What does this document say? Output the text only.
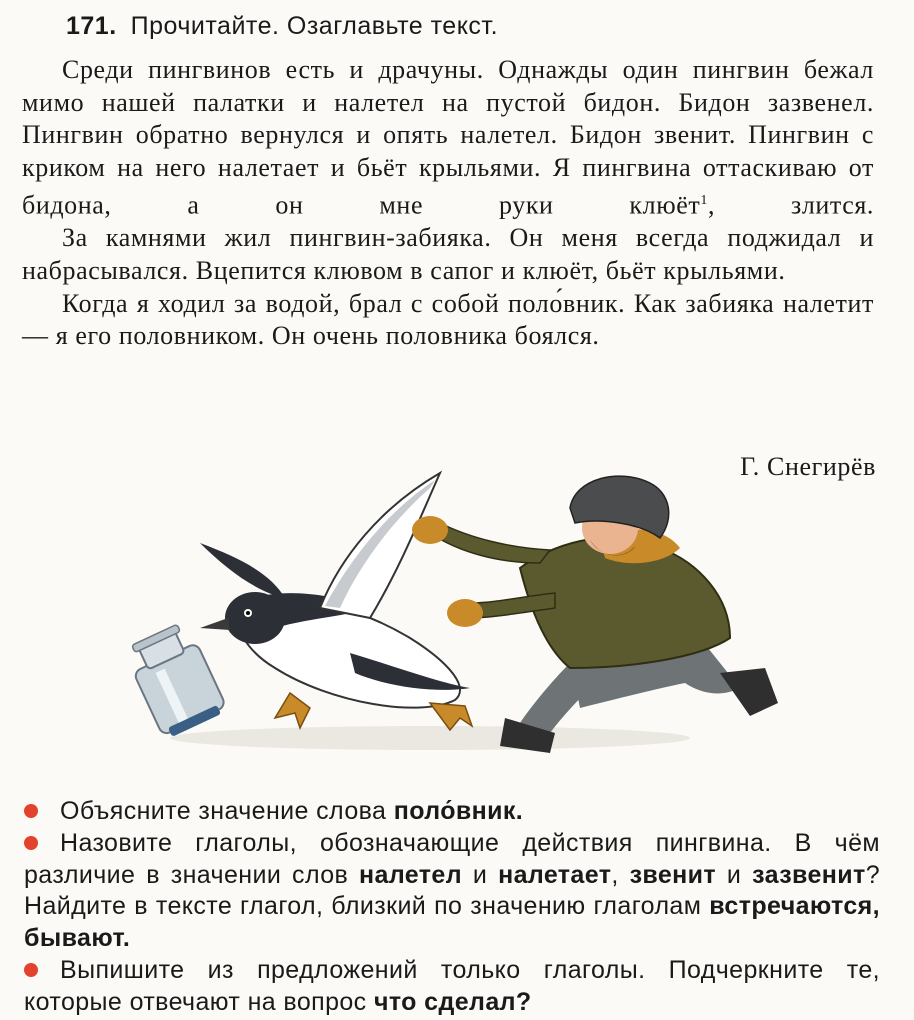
171. Прочитайте. Озаглавьте текст.

Среди пингвинов есть и драчуны. Однажды один пингвин бежал мимо нашей палатки и налетел на пустой бидон. Бидон зазвенел. Пингвин обратно вернулся и опять налетел. Бидон звенит. Пингвин с криком на него налетает и бьёт крыльями. Я пингвина оттаскиваю от бидона, а он мне руки клюёт$^1$, злится.

За камнями жил пингвин-забияка. Он меня всегда поджидал и набрасывался. Вцепится клювом в сапог и клюёт, бьёт крыльями.

Когда я ходил за водой, брал с собой поло́вник. Как забияка налетит — я его половником. Он очень половника боялся.

Г. Снегирёв

Объясните значение слова поло́вник.

Назовите глаголы, обозначающие действия пингвина. В чём различие в значении слов налетел и налетает, звенит и зазвенит? Найдите в тексте глагол, близкий по значению глаголам встречаются, бывают.

Выпишите из предложений только глаголы. Подчеркните те, которые отвечают на вопрос что сделал?
